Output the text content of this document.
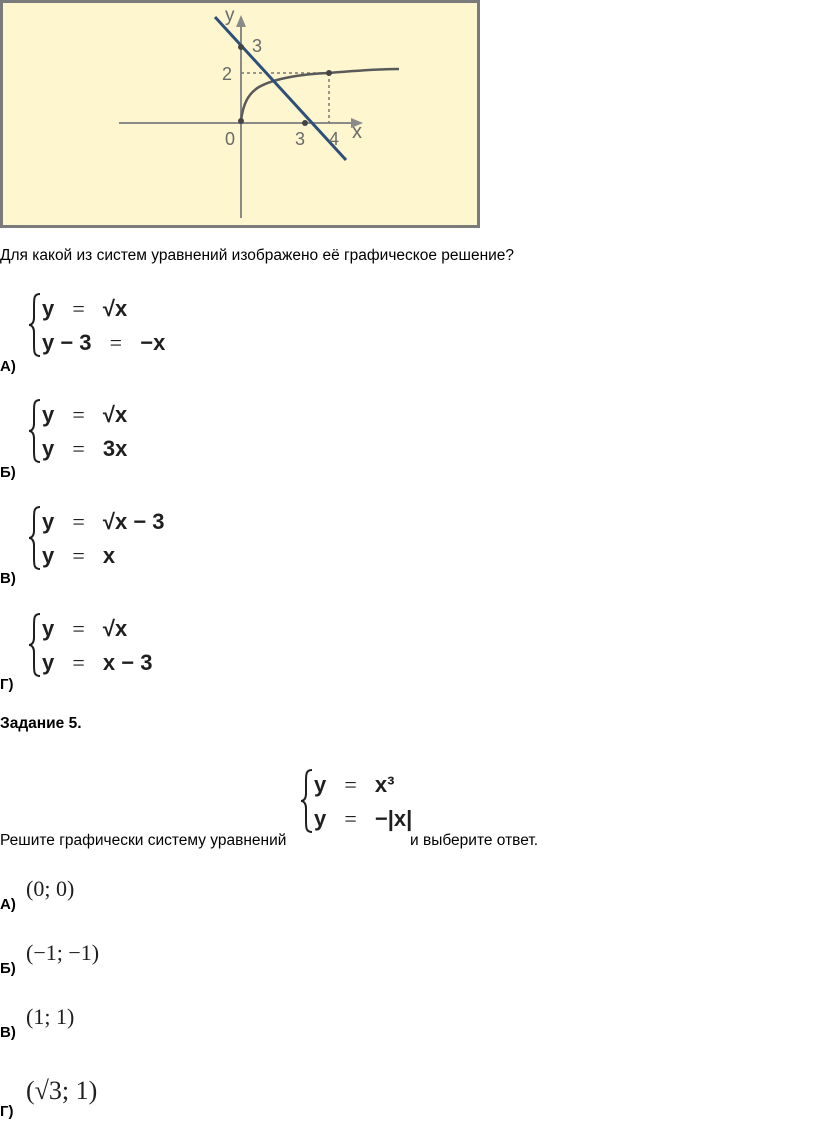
y
3
2
0	3 4 x
Для какой из систем уравнений изображено её графическое решение?
y = √x
y − 3 = −x
А)
y = √x
y = 3x
Б)
y = √x − 3
y = x
В)
y = √x
y = x − 3
Г)
Задание 5.
y = x³
y = −|x|
Решите графически систему уравнений	и выберите ответ.
А)
(0; 0)
Б)
(−1; −1)
В)
(1; 1)
Г)
(√3; 1)
